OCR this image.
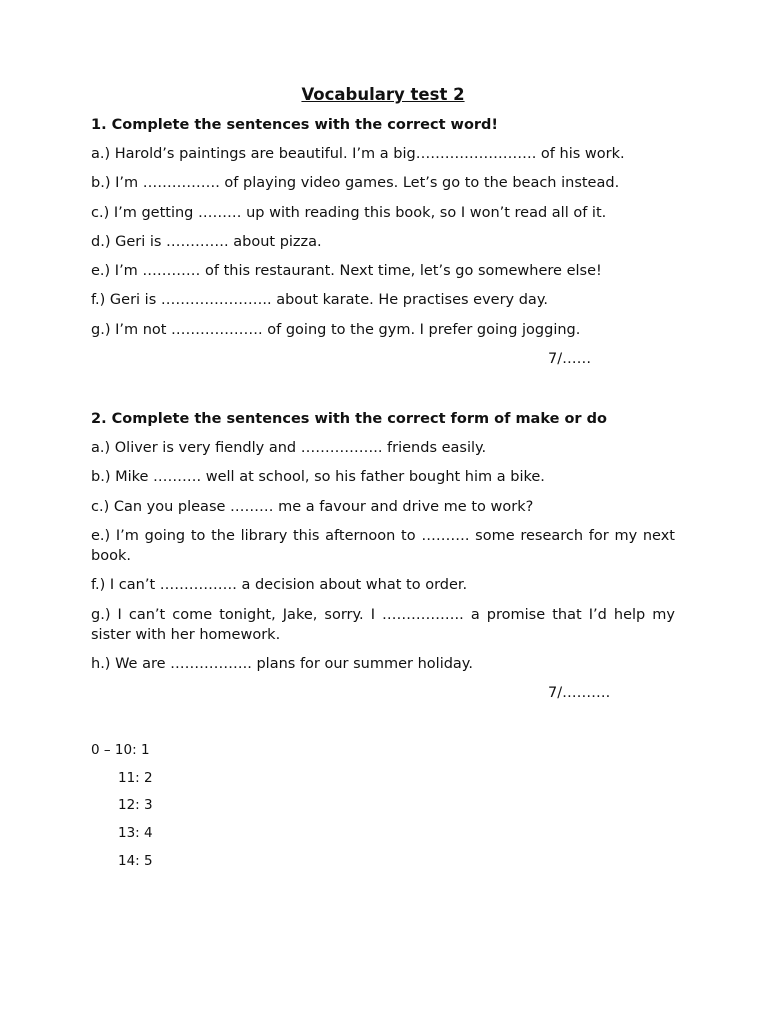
Vocabulary test 2
1. Complete the sentences with the correct word!
a.) Harold’s paintings are beautiful. I’m a big……………………. of his work.
b.) I’m ……………. of playing video games. Let’s go to the beach instead.
c.) I’m getting ……… up with reading this book, so I won’t read all of it.
d.) Geri is …………. about pizza.
e.) I’m ………… of this restaurant. Next time, let’s go somewhere else!
f.) Geri is ………………….. about karate. He practises every day.
g.) I’m not ………………. of going to the gym. I prefer going jogging.
7/……
2. Complete the sentences with the correct form of make or do
a.) Oliver is very fiendly and …………….. friends easily.
b.) Mike ………. well at school, so his father bought him a bike.
c.) Can you please ……… me a favour and drive me to work?
e.) I’m going to the library this afternoon to ………. some research for my next book.
f.) I can’t ……………. a decision about what to order.
g.) I can’t come tonight, Jake, sorry. I …………….. a promise that I’d help my sister with her homework.
h.) We are …………….. plans for our summer holiday.
7/……….
0 – 10: 1
11: 2
12: 3
13: 4
14: 5
